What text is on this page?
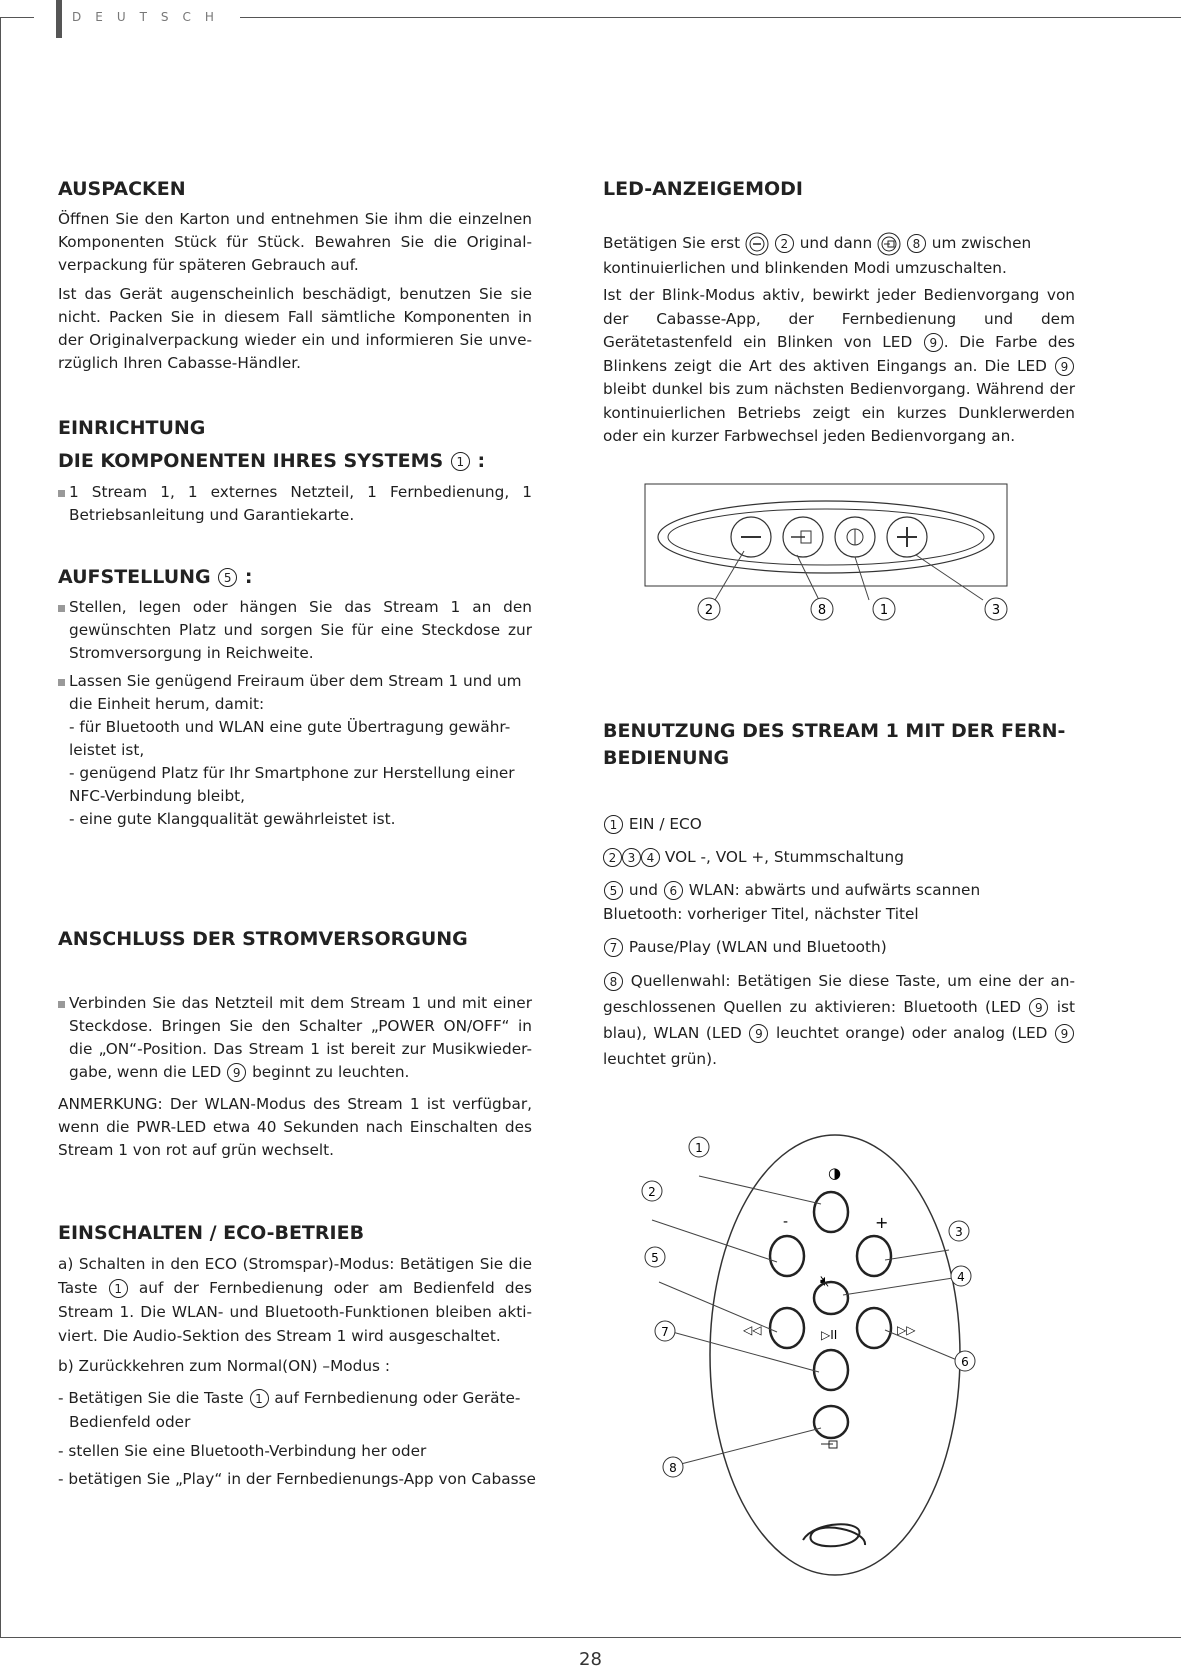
DEUTSCH
28
AUSPACKEN

Öffnen Sie den Karton und entnehmen Sie ihm die einzelnen Komponenten Stück für Stück. Bewahren Sie die Original-verpackung für späteren Gebrauch auf.

Ist das Gerät augenscheinlich beschädigt, benutzen Sie sie nicht. Packen Sie in diesem Fall sämtliche Komponenten in der Originalverpackung wieder ein und informieren Sie unve-rzüglich Ihren Cabasse-Händler.

EINRICHTUNG
DIE KOMPONENTEN IHRES SYSTEMS 1 :

1 Stream 1, 1 externes Netzteil, 1 Fernbedienung, 1 Betriebsanleitung und Garantiekarte.

AUFSTELLUNG 5 :

Stellen, legen oder hängen Sie das Stream 1 an den gewünschten Platz und sorgen Sie für eine Steckdose zur Stromversorgung in Reichweite.

Lassen Sie genügend Freiraum über dem Stream 1 und um
die Einheit herum, damit:
- für Bluetooth und WLAN eine gute Übertragung gewähr-
leistet ist,
- genügend Platz für Ihr Smartphone zur Herstellung einer
NFC-Verbindung bleibt,
- eine gute Klangqualität gewährleistet ist.
ANSCHLUSS DER STROMVERSORGUNG
Verbinden Sie das Netzteil mit dem Stream 1 und mit einer Steckdose. Bringen Sie den Schalter „POWER ON/OFF“ in die „ON“-Position. Das Stream 1 ist bereit zur Musikwieder-gabe, wenn die LED 9 beginnt zu leuchten.

ANMERKUNG: Der WLAN-Modus des Stream 1 ist verfügbar, wenn die PWR-LED etwa 40 Sekunden nach Einschalten des Stream 1 von rot auf grün wechselt.

EINSCHALTEN / ECO-BETRIEB
a) Schalten in den ECO (Stromspar)-Modus: Betätigen Sie die Taste 1 auf der Fernbedienung oder am Bedienfeld des Stream 1. Die WLAN- und Bluetooth-Funktionen bleiben akti-viert. Die Audio-Sektion des Stream 1 wird ausgeschaltet.

b) Zurückkehren zum Normal(ON) –Modus :

- Betätigen Sie die Taste 1 auf Fernbedienung oder Geräte-
Bedienfeld oder

- stellen Sie eine Bluetooth-Verbindung her oder

- betätigen Sie „Play“ in der Fernbedienungs-App von Cabasse

LED-ANZEIGEMODI
Betätigen Sie erst	2 und dann	8 um zwischen
kontinuierlichen und blinkenden Modi umzuschalten.
Ist der Blink-Modus aktiv, bewirkt jeder Bedienvorgang von der Cabasse-App, der Fernbedienung und dem Gerätetastenfeld ein Blinken von LED 9 . Die Farbe des Blinkens zeigt die Art des aktiven Eingangs an. Die LED 9 bleibt dunkel bis zum nächsten Bedienvorgang. Während der kontinuierlichen Betriebs zeigt ein kurzes Dunklerwerden oder ein kurzer Farbwechsel jeden Bedienvorgang an.
2	8	1	3
BENUTZUNG DES STREAM 1 MIT DER FERN-
BEDIENUNG
1 EIN / ECO
2 3 4 VOL -, VOL +, Stummschaltung
5 und 6 WLAN: abwärts und aufwärts scannen
Bluetooth: vorheriger Titel, nächster Titel
7 Pause/Play (WLAN und Bluetooth)
8 Quellenwahl: Betätigen Sie diese Taste, um eine der an-geschlossenen Quellen zu aktivieren: Bluetooth (LED 9 ist blau), WLAN (LED 9 leuchtet orange) oder analog (LED 9 leuchtet grün).
◑
-	+
🔇︎
◁◁	▷▷
▷II
1
2
3
4
5
6
7
8
